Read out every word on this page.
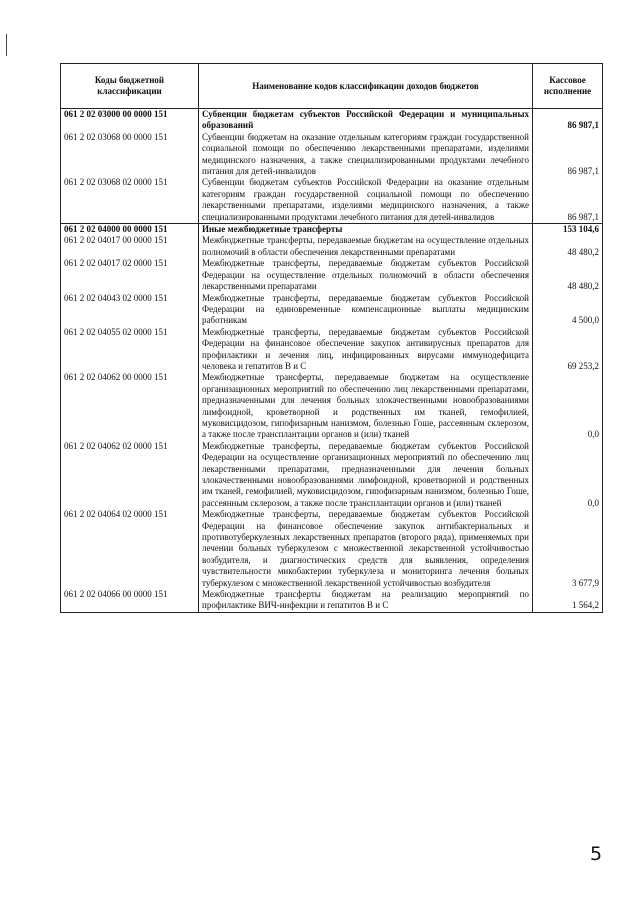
Коды бюджетной классификации	Наименование кодов классификации доходов бюджетов	Кассовое исполнение
061 2 02 03000 00 0000 151	Субвенции бюджетам субъектов Российской Федерации и муниципальных образований	86 987,1
061 2 02 03068 00 0000 151	Субвенции бюджетам на оказание отдельным категориям граждан государственной социальной помощи по обеспечению лекарственными препаратами, изделиями медицинского назначения, а также специализированными продуктами лечебного питания для детей-инвалидов	86 987,1
061 2 02 03068 02 0000 151	Субвенции бюджетам субъектов Российской Федерации на оказание отдельным категориям граждан государственной социальной помощи по обеспечению лекарственными препаратами, изделиями медицинского назначения, а также специализированными продуктами лечебного питания для детей-инвалидов	86 987,1
061 2 02 04000 00 0000 151	Иные межбюджетные трансферты	153 104,6
061 2 02 04017 00 0000 151	Межбюджетные трансферты, передаваемые бюджетам на осуществление отдельных полномочий в области обеспечения лекарственными препаратами	48 480,2
061 2 02 04017 02 0000 151	Межбюджетные трансферты, передаваемые бюджетам субъектов Российской Федерации на осуществление отдельных полномочий в области обеспечения лекарственными препаратами	48 480,2
061 2 02 04043 02 0000 151	Межбюджетные трансферты, передаваемые бюджетам субъектов Российской Федерации на единовременные компенсационные выплаты медицинским работникам	4 500,0
061 2 02 04055 02 0000 151	Межбюджетные трансферты, передаваемые бюджетам субъектов Российской Федерации на финансовое обеспечение закупок антивирусных препаратов для профилактики и лечения лиц, инфицированных вирусами иммунодефицита человека и гепатитов В и С	69 253,2
061 2 02 04062 00 0000 151	Межбюджетные трансферты, передаваемые бюджетам на осуществление организационных мероприятий по обеспечению лиц лекарственными препаратами, предназначенными для лечения больных злокачественными новообразованиями лимфоидной, кроветворной и родственных им тканей, гемофилией, муковисцидозом, гипофизарным нанизмом, болезнью Гоше, рассеянным склерозом, а также после трансплантации органов и (или) тканей	0,0
061 2 02 04062 02 0000 151	Межбюджетные трансферты, передаваемые бюджетам субъектов Российской Федерации на осуществление организационных мероприятий по обеспечению лиц лекарственными препаратами, предназначенными для лечения больных злокачественными новообразованиями лимфоидной, кроветворной и родственных им тканей, гемофилией, муковисцидозом, гипофизарным нанизмом, болезнью Гоше, рассеянным склерозом, а также после трансплантации органов и (или) тканей	0,0
061 2 02 04064 02 0000 151	Межбюджетные трансферты, передаваемые бюджетам субъектов Российской Федерации на финансовое обеспечение закупок антибактериальных и противотуберкулезных лекарственных препаратов (второго ряда), применяемых при лечении больных туберкулезом с множественной лекарственной устойчивостью возбудителя, и диагностических средств для выявления, определения чувствительности микобактерии туберкулеза и мониторинга лечения больных туберкулезом с множественной лекарственной устойчивостью возбудителя	3 677,9
061 2 02 04066 00 0000 151	Межбюджетные трансферты бюджетам на реализацию мероприятий по профилактике ВИЧ-инфекции и гепатитов В и С	1 564,2
5
